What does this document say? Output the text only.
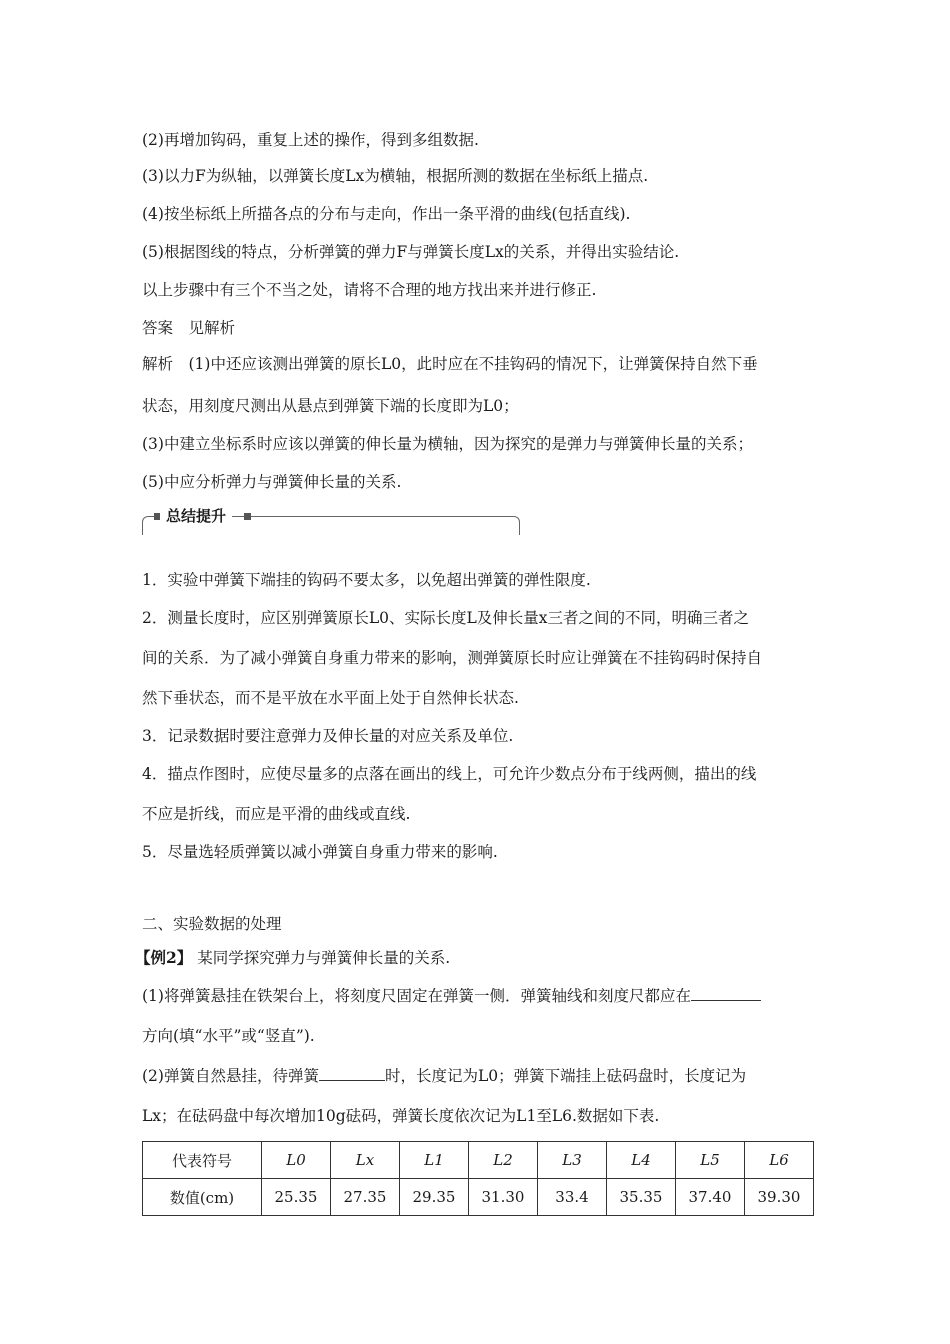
(2)再增加钩码，重复上述的操作，得到多组数据.
(3)以力F为纵轴，以弹簧长度Lx为横轴，根据所测的数据在坐标纸上描点.
(4)按坐标纸上所描各点的分布与走向，作出一条平滑的曲线(包括直线).
(5)根据图线的特点，分析弹簧的弹力F与弹簧长度Lx的关系，并得出实验结论.
以上步骤中有三个不当之处，请将不合理的地方找出来并进行修正.
答案　见解析
解析　(1)中还应该测出弹簧的原长L0，此时应在不挂钩码的情况下，让弹簧保持自然下垂
状态，用刻度尺测出从悬点到弹簧下端的长度即为L0；
(3)中建立坐标系时应该以弹簧的伸长量为横轴，因为探究的是弹力与弹簧伸长量的关系；
(5)中应分析弹力与弹簧伸长量的关系.
总结提升
1．实验中弹簧下端挂的钩码不要太多，以免超出弹簧的弹性限度.
2．测量长度时，应区别弹簧原长L0、实际长度L及伸长量x三者之间的不同，明确三者之
间的关系．为了减小弹簧自身重力带来的影响，测弹簧原长时应让弹簧在不挂钩码时保持自
然下垂状态，而不是平放在水平面上处于自然伸长状态.
3．记录数据时要注意弹力及伸长量的对应关系及单位.
4．描点作图时，应使尽量多的点落在画出的线上，可允许少数点分布于线两侧，描出的线
不应是折线，而应是平滑的曲线或直线.
5．尽量选轻质弹簧以减小弹簧自身重力带来的影响.
二、实验数据的处理
【例2】 某同学探究弹力与弹簧伸长量的关系.
(1)将弹簧悬挂在铁架台上，将刻度尺固定在弹簧一侧．弹簧轴线和刻度尺都应在
方向(填“水平”或“竖直”).
(2)弹簧自然悬挂，待弹簧	时，长度记为L0；弹簧下端挂上砝码盘时，长度记为
Lx；在砝码盘中每次增加10g砝码，弹簧长度依次记为L1至L6.数据如下表.
代表符号	L0	Lx	L1	L2	L3	L4	L5	L6
数值(cm)	25.35	27.35	29.35	31.30	33.4	35.35	37.40	39.30
